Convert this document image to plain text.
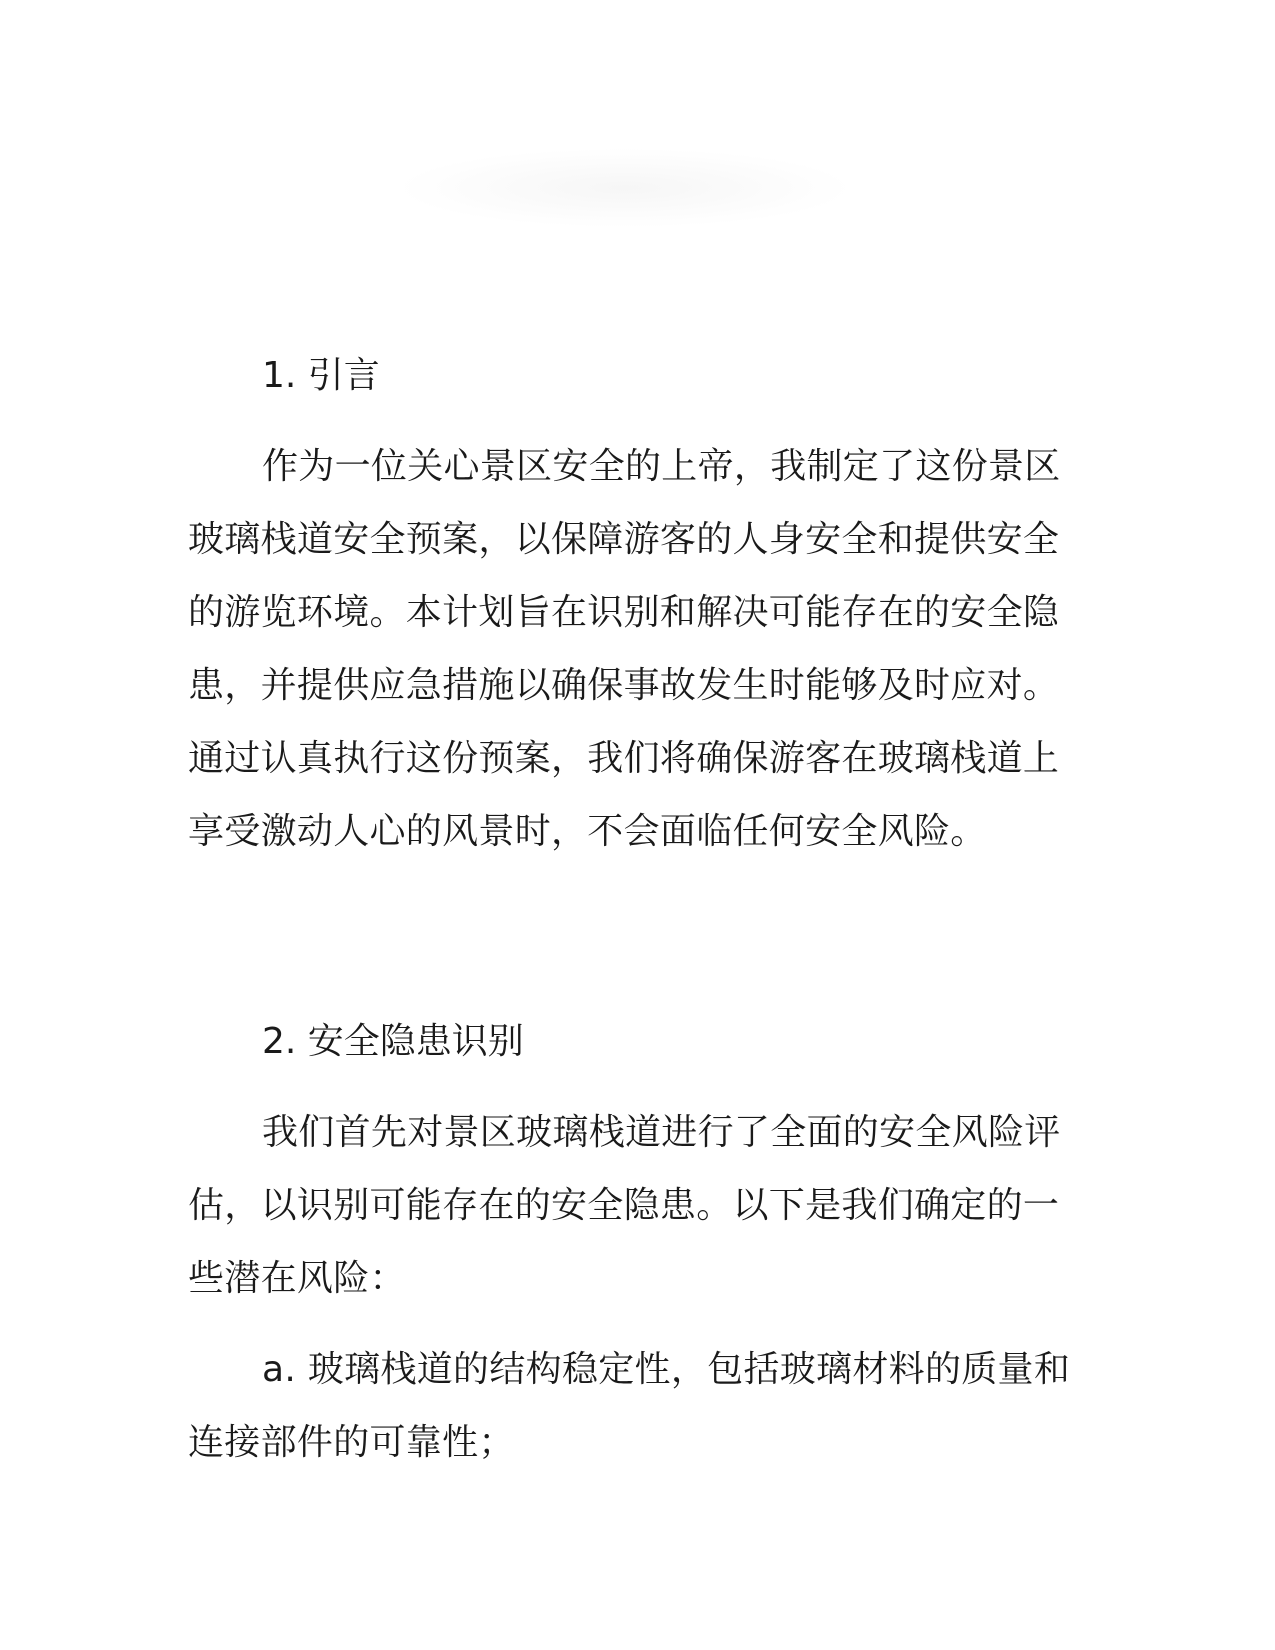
1. 引言

作为一位关心景区安全的上帝，我制定了这份景区玻璃栈道安全预案，以保障游客的人身安全和提供安全的游览环境。本计划旨在识别和解决可能存在的安全隐患，并提供应急措施以确保事故发生时能够及时应对。通过认真执行这份预案，我们将确保游客在玻璃栈道上享受激动人心的风景时，不会面临任何安全风险。

2. 安全隐患识别

我们首先对景区玻璃栈道进行了全面的安全风险评估，以识别可能存在的安全隐患。以下是我们确定的一些潜在风险：

a. 玻璃栈道的结构稳定性，包括玻璃材料的质量和连接部件的可靠性；
